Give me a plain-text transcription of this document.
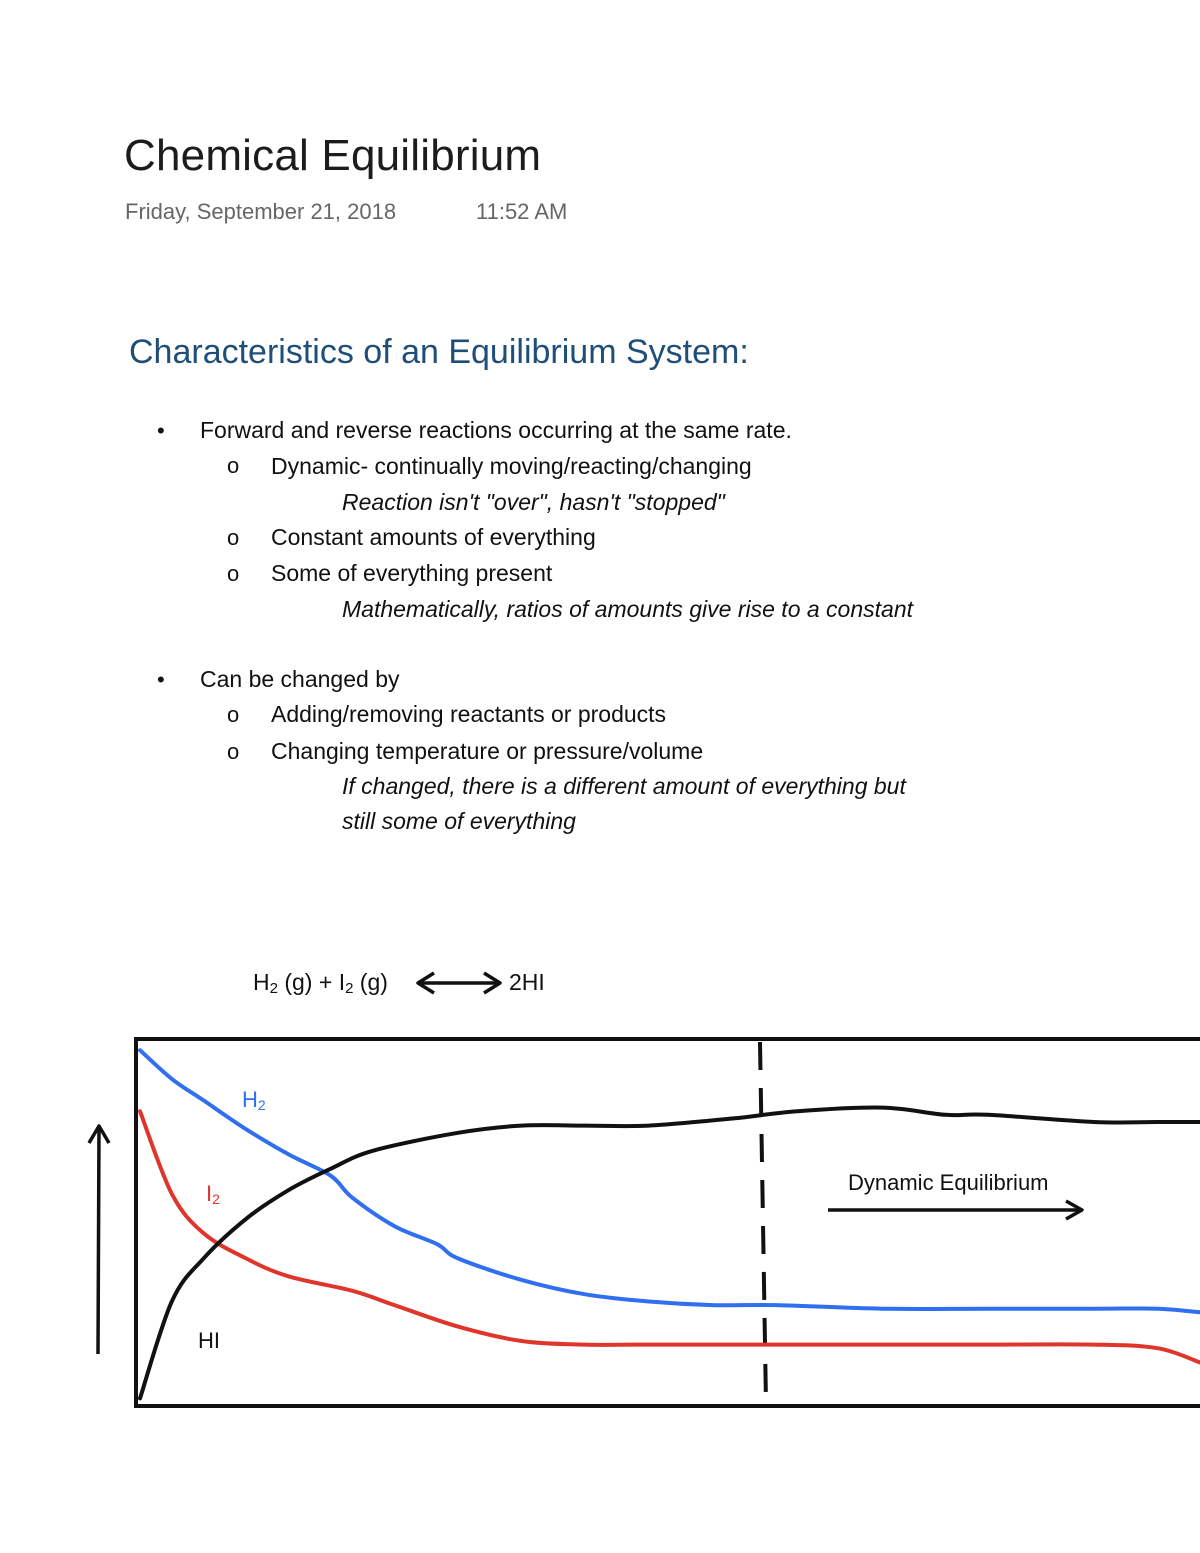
Chemical Equilibrium
Friday, September 21, 2018	11:52 AM
Characteristics of an Equilibrium System:
• Forward and reverse reactions occurring at the same rate.
o Dynamic- continually moving/reacting/changing
Reaction isn't "over", hasn't "stopped"
o Constant amounts of everything
o Some of everything present
Mathematically, ratios of amounts give rise to a constant
• Can be changed by
o Adding/removing reactants or products
o Changing temperature or pressure/volume
If changed, there is a different amount of everything but
still some of everything
$H_2$ $(g) + I_2$ (g)	2HI
$H_2$
$I_2$
HI
Dynamic Equilibrium
